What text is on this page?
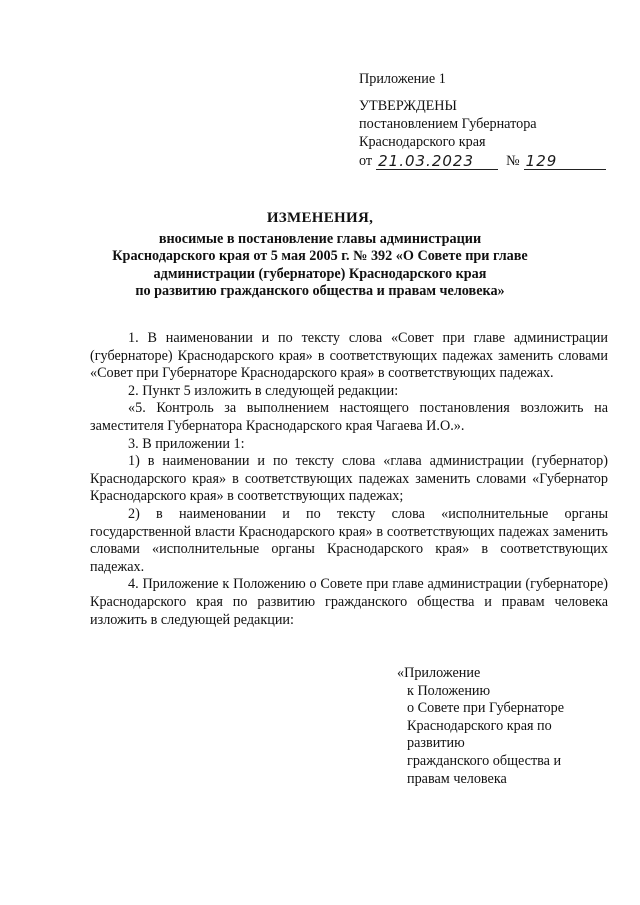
Приложение 1
УТВЕРЖДЕНЫ
постановлением Губернатора
Краснодарского края
от 21.03.2023	№ 129
ИЗМЕНЕНИЯ,
вносимые в постановление главы администрации
Краснодарского края от 5 мая 2005 г. № 392 «О Совете при главе
администрации (губернаторе) Краснодарского края
по развитию гражданского общества и правам человека»

1. В наименовании и по тексту слова «Совет при главе администрации (губернаторе) Краснодарского края» в соответствующих падежах заменить словами «Совет при Губернаторе Краснодарского края» в соответствующих падежах.

2. Пункт 5 изложить в следующей редакции:

«5. Контроль за выполнением настоящего постановления возложить на заместителя Губернатора Краснодарского края Чагаева И.О.».

3. В приложении 1:

1) в наименовании и по тексту слова «глава администрации (губернатор) Краснодарского края» в соответствующих падежах заменить словами «Губернатор Краснодарского края» в соответствующих падежах;

2) в наименовании и по тексту слова «исполнительные органы государственной власти Краснодарского края» в соответствующих падежах заменить словами «исполнительные органы Краснодарского края» в соответствующих падежах.

4. Приложение к Положению о Совете при главе администрации (губернаторе) Краснодарского края по развитию гражданского общества и правам человека изложить в следующей редакции:

«Приложение
к Положению
о Совете при Губернаторе
Краснодарского края по
развитию
гражданского общества и
правам человека
